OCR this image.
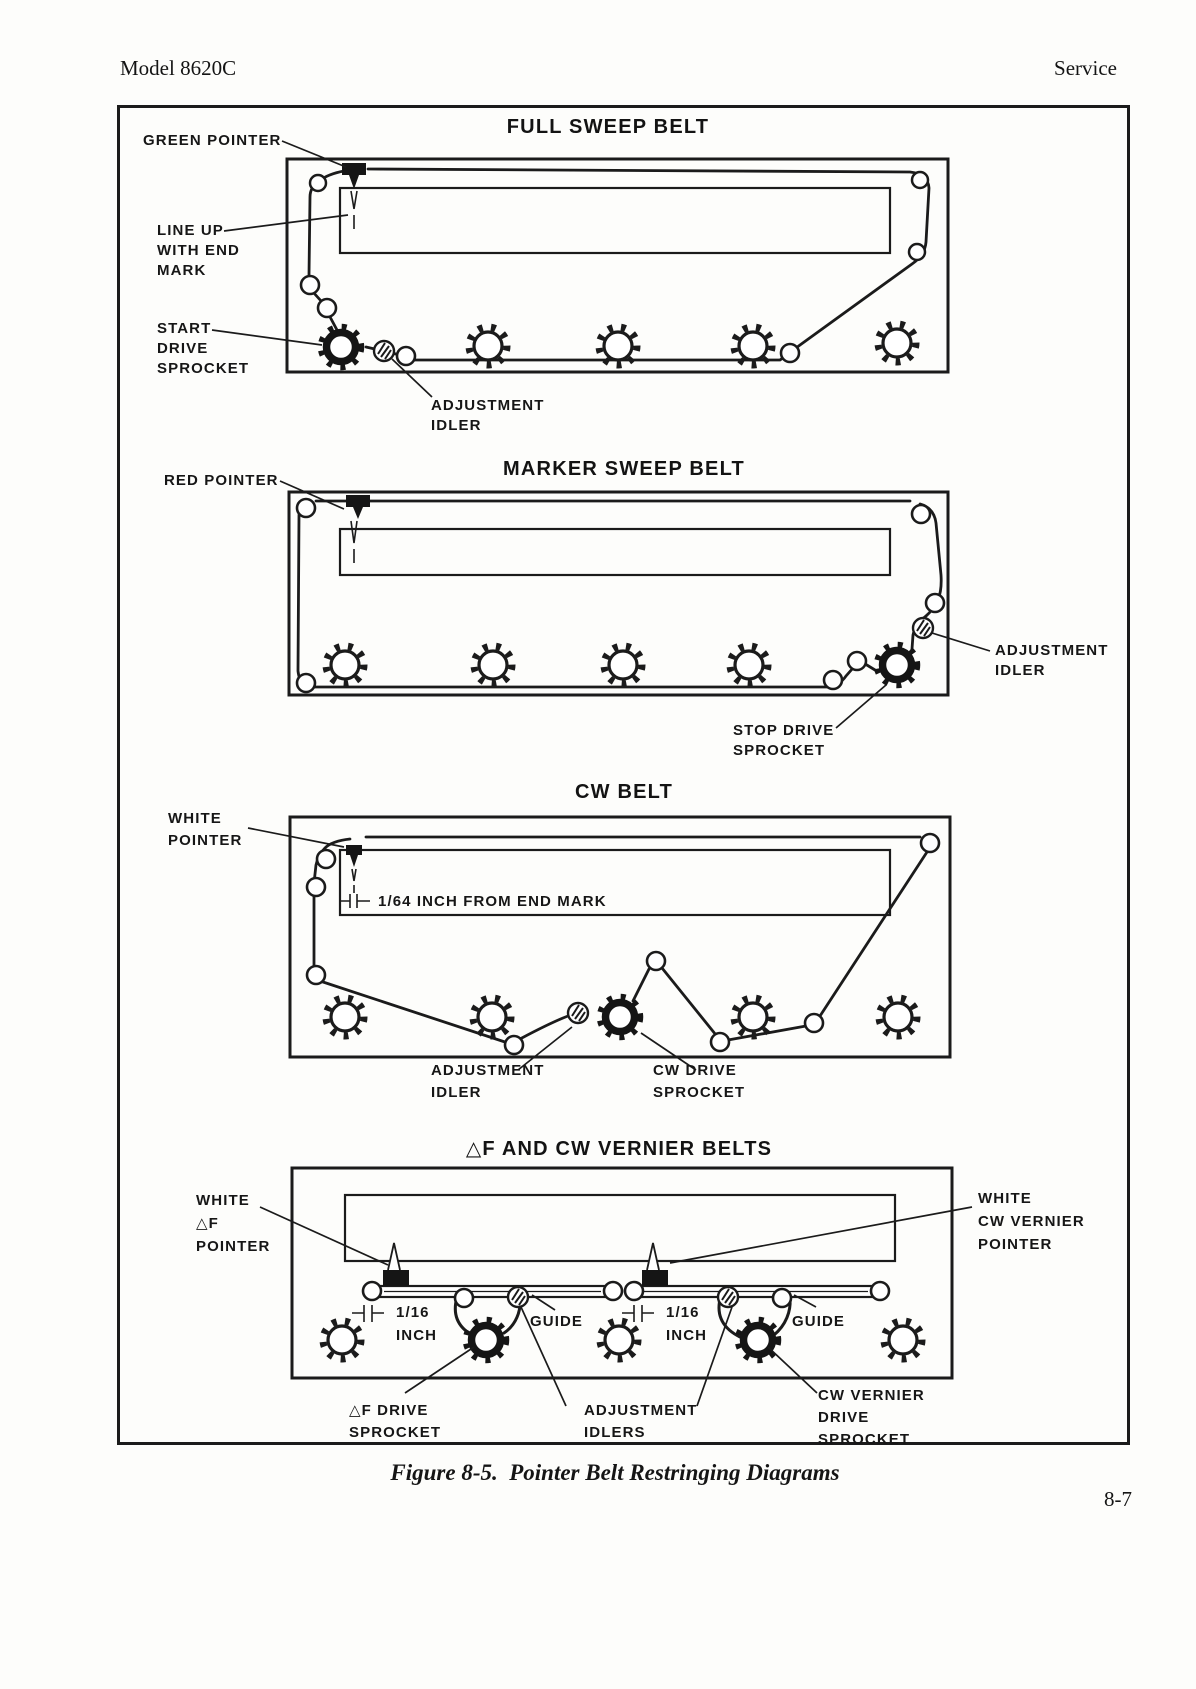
Model 8620C	Service
FULL SWEEP BELT
GREEN POINTER
LINE UP
WITH END
MARK
START
DRIVE
SPROCKET
ADJUSTMENT
IDLER
MARKER SWEEP BELT
RED POINTER
ADJUSTMENT
IDLER
STOP DRIVE
SPROCKET
CW BELT
WHITE
POINTER
1/64 INCH FROM END MARK
ADJUSTMENT
IDLER
CW DRIVE
SPROCKET
△F AND CW VERNIER BELTS
WHITE
△F
POINTER
WHITE
CW VERNIER
POINTER
1/16
INCH
1/16
INCH
GUIDE	GUIDE
△F DRIVE
SPROCKET
ADJUSTMENT
IDLERS
CW VERNIER
DRIVE
SPROCKET
Figure 8-5.  Pointer Belt Restringing Diagrams
8-7
